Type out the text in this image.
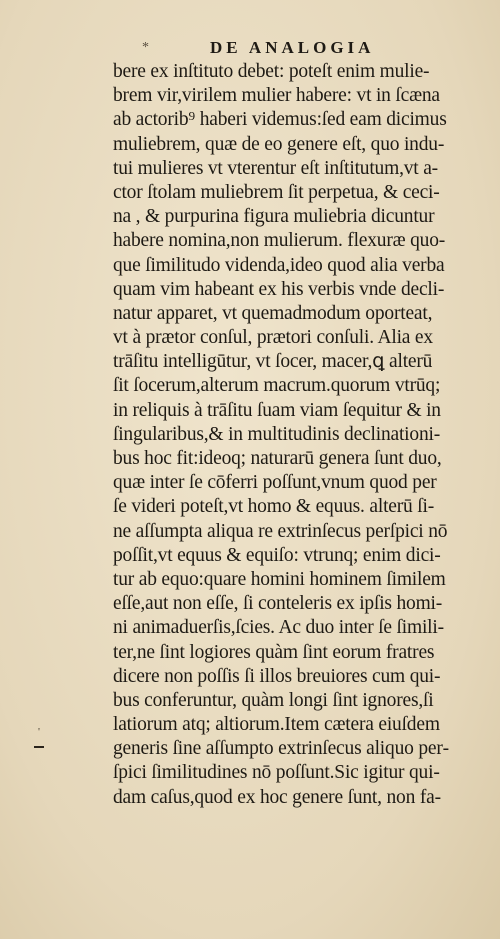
*	DE ANALOGIA
bere ex inſtituto debet: poteſt enim mulie‑
brem vir,virilem mulier habere: vt in ſcæna
ab actorib⁹ haberi videmus:ſed eam dicimus
muliebrem, quæ de eo genere eſt, quo indu‑
tui mulieres vt vterentur eſt inſtitutum,vt a‑
ctor ſtolam muliebrem ſit perpetua, & ceci‑
na , & purpurina figura muliebria dicuntur
habere nomina,non mulierum. flexuræ quo‑
que ſimilitudo videnda,ideo quod alia verba
quam vim habeant ex his verbis vnde decli‑
natur apparet, vt quemadmodum oporteat,
vt à prætor conſul, prætori conſuli. Alia ex
trāſitu intelligūtur, vt ſocer, macer,ꝗ alterū
ſit ſocerum,alterum macrum.quorum vtrūq;
in reliquis à trāſitu ſuam viam ſequitur & in
ſingularibus,& in multitudinis declinationi‑
bus hoc fit:ideoq; naturarū genera ſunt duo,
quæ inter ſe cōferri poſſunt,vnum quod per
ſe videri poteſt,vt homo & equus. alterū ſi‑
ne aſſumpta aliqua re extrinſecus perſpici nō
poſſit,vt equus & equiſo: vtrunq; enim dici‑
tur ab equo:quare homini hominem ſimilem
eſſe,aut non eſſe, ſi conteleris ex ipſis homi‑
ni animaduerſis,ſcies. Ac duo inter ſe ſimili‑
ter,ne ſint logiores quàm ſint eorum fratres
dicere non poſſis ſi illos breuiores cum qui‑
bus conferuntur, quàm longi ſint ignores,ſi
latiorum atq; altiorum.Item cætera eiuſdem
generis ſine aſſumpto extrinſecus aliquo per‑
ſpici ſimilitudines nō poſſunt.Sic igitur qui‑
dam caſus,quod ex hoc genere ſunt, non fa‑
'
